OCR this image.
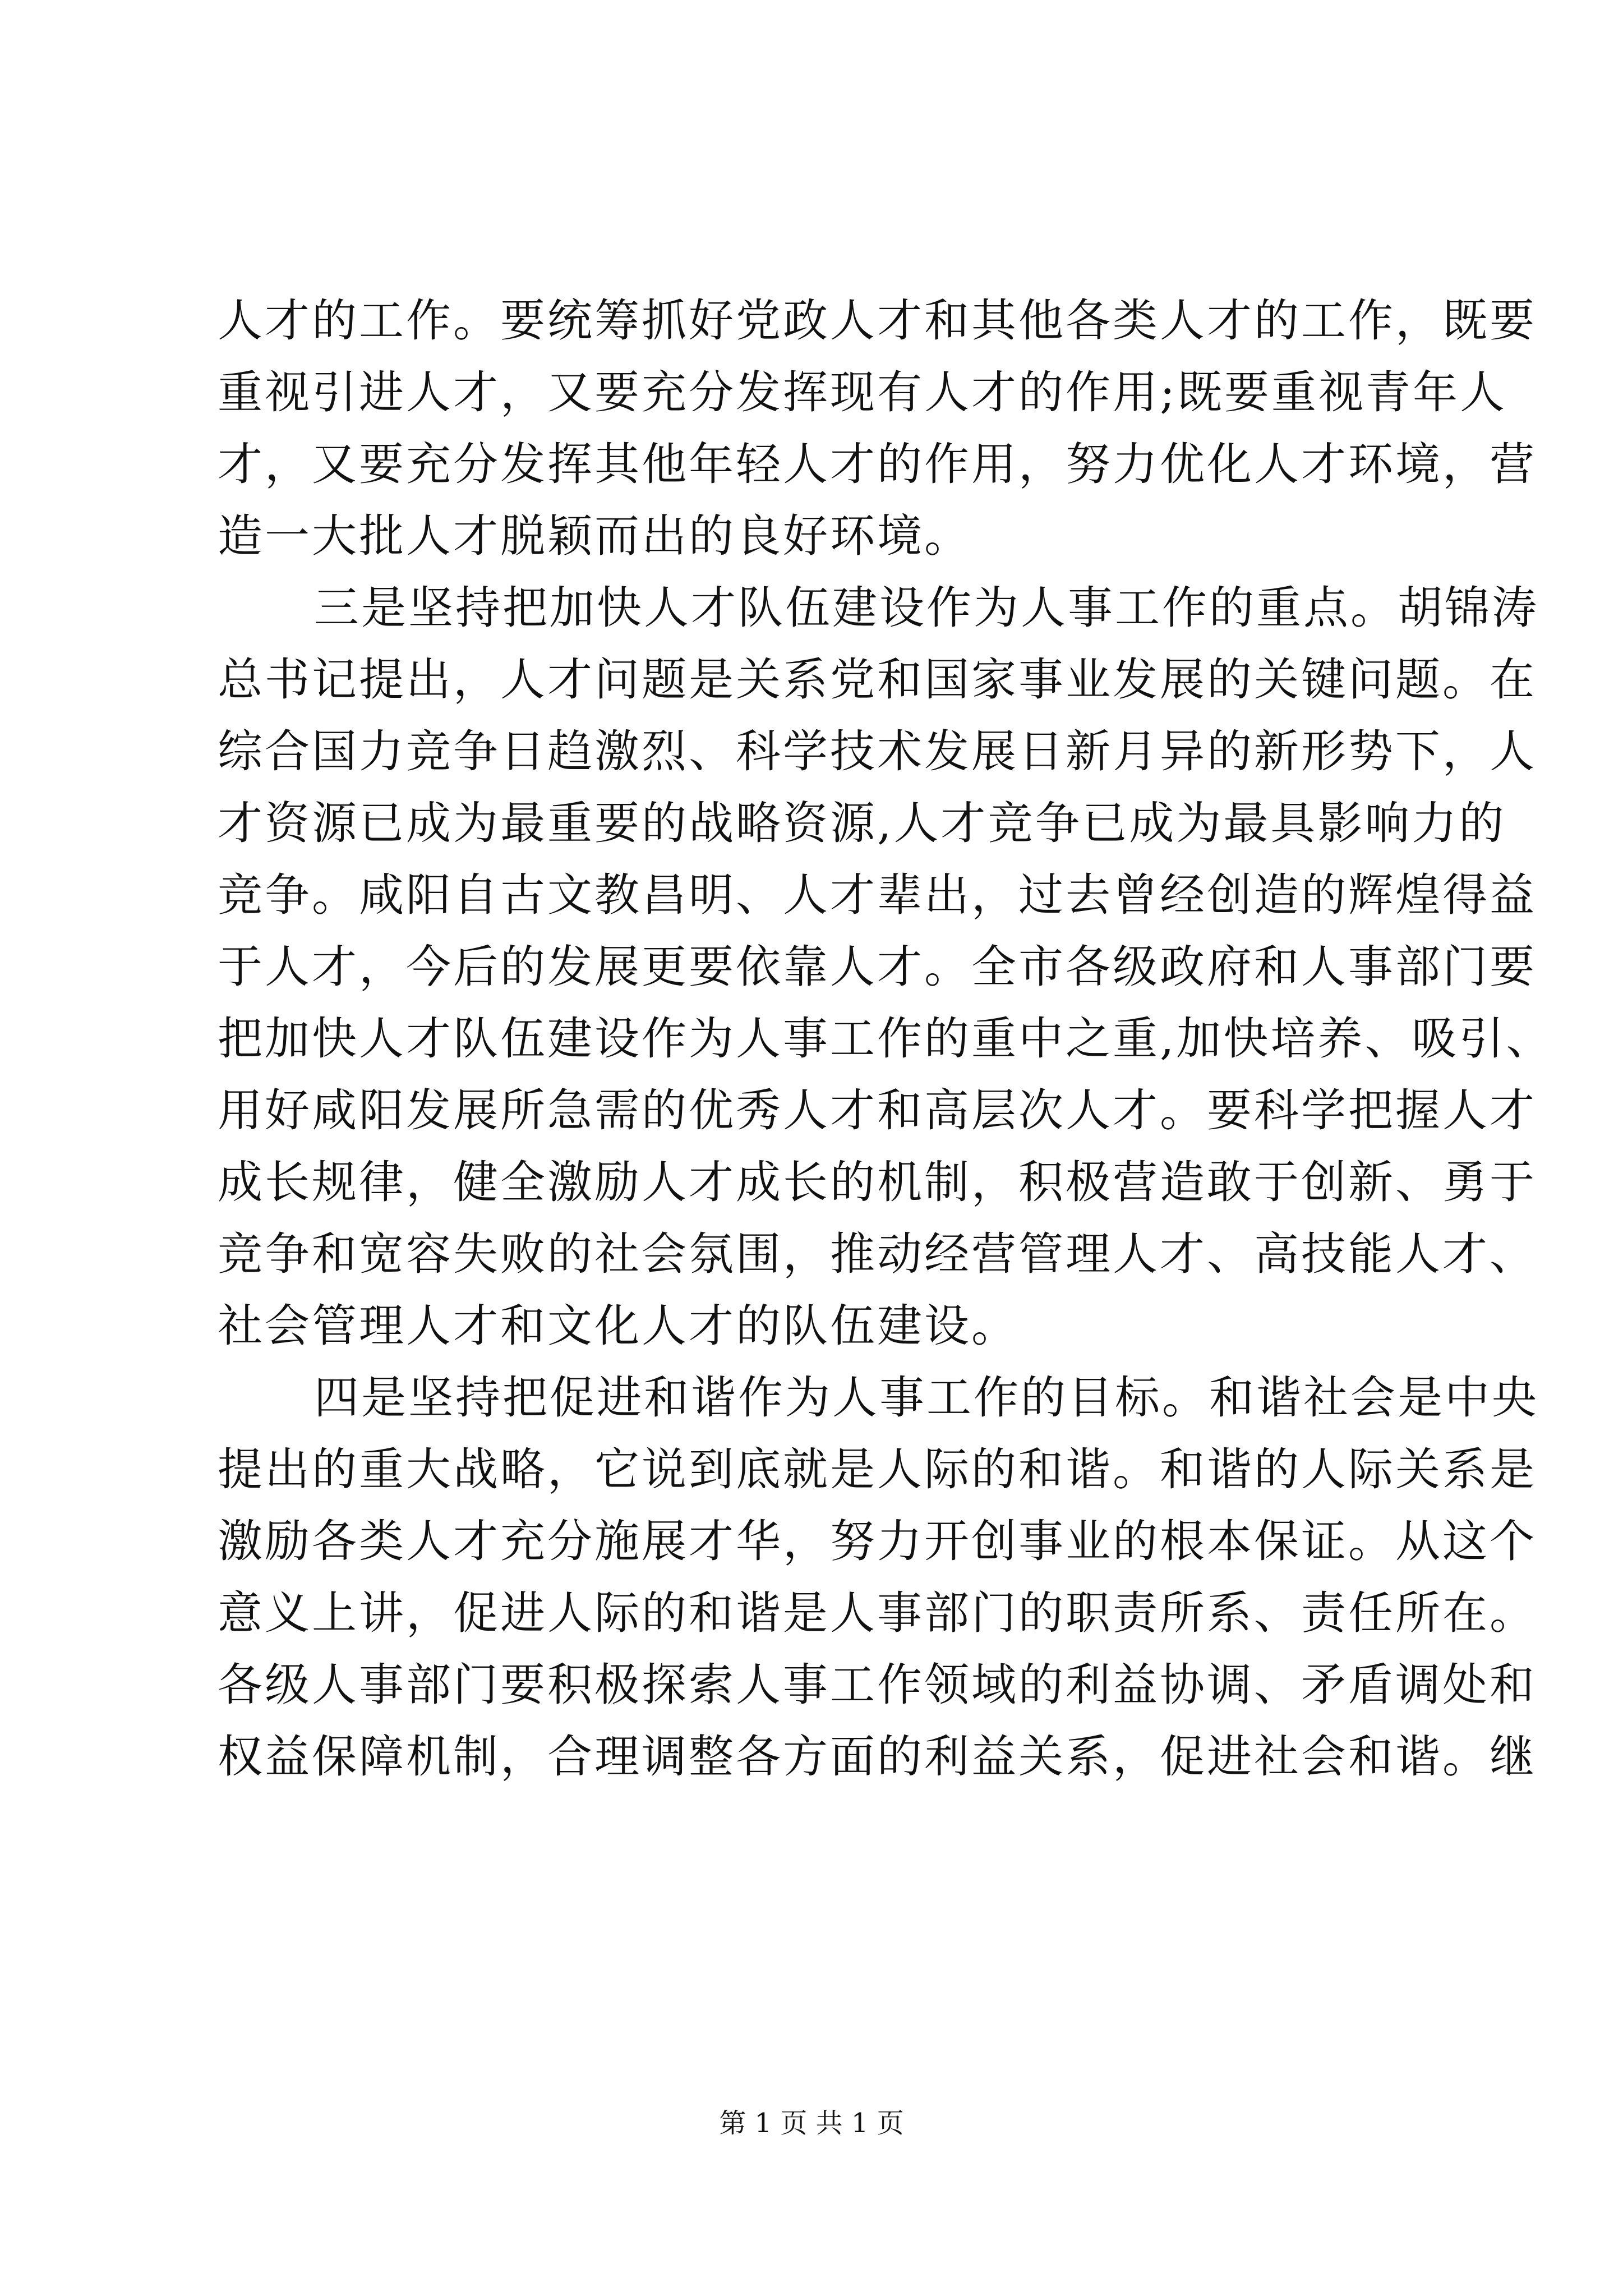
人才的工作。要统筹抓好党政人才和其他各类人才的工作，既要
重视引进人才，又要充分发挥现有人才的作用;既要重视青年人
才，又要充分发挥其他年轻人才的作用，努力优化人才环境，营
造一大批人才脱颖而出的良好环境。
三是坚持把加快人才队伍建设作为人事工作的重点。胡锦涛
总书记提出，人才问题是关系党和国家事业发展的关键问题。在
综合国力竞争日趋激烈、科学技术发展日新月异的新形势下，人
才资源已成为最重要的战略资源,人才竞争已成为最具影响力的
竞争。咸阳自古文教昌明、人才辈出，过去曾经创造的辉煌得益
于人才，今后的发展更要依靠人才。全市各级政府和人事部门要
把加快人才队伍建设作为人事工作的重中之重,加快培养、吸引、
用好咸阳发展所急需的优秀人才和高层次人才。要科学把握人才
成长规律，健全激励人才成长的机制，积极营造敢于创新、勇于
竞争和宽容失败的社会氛围，推动经营管理人才、高技能人才、
社会管理人才和文化人才的队伍建设。
四是坚持把促进和谐作为人事工作的目标。和谐社会是中央
提出的重大战略，它说到底就是人际的和谐。和谐的人际关系是
激励各类人才充分施展才华，努力开创事业的根本保证。从这个
意义上讲，促进人际的和谐是人事部门的职责所系、责任所在。
各级人事部门要积极探索人事工作领域的利益协调、矛盾调处和
权益保障机制，合理调整各方面的利益关系，促进社会和谐。继
第 1 页 共 1 页
